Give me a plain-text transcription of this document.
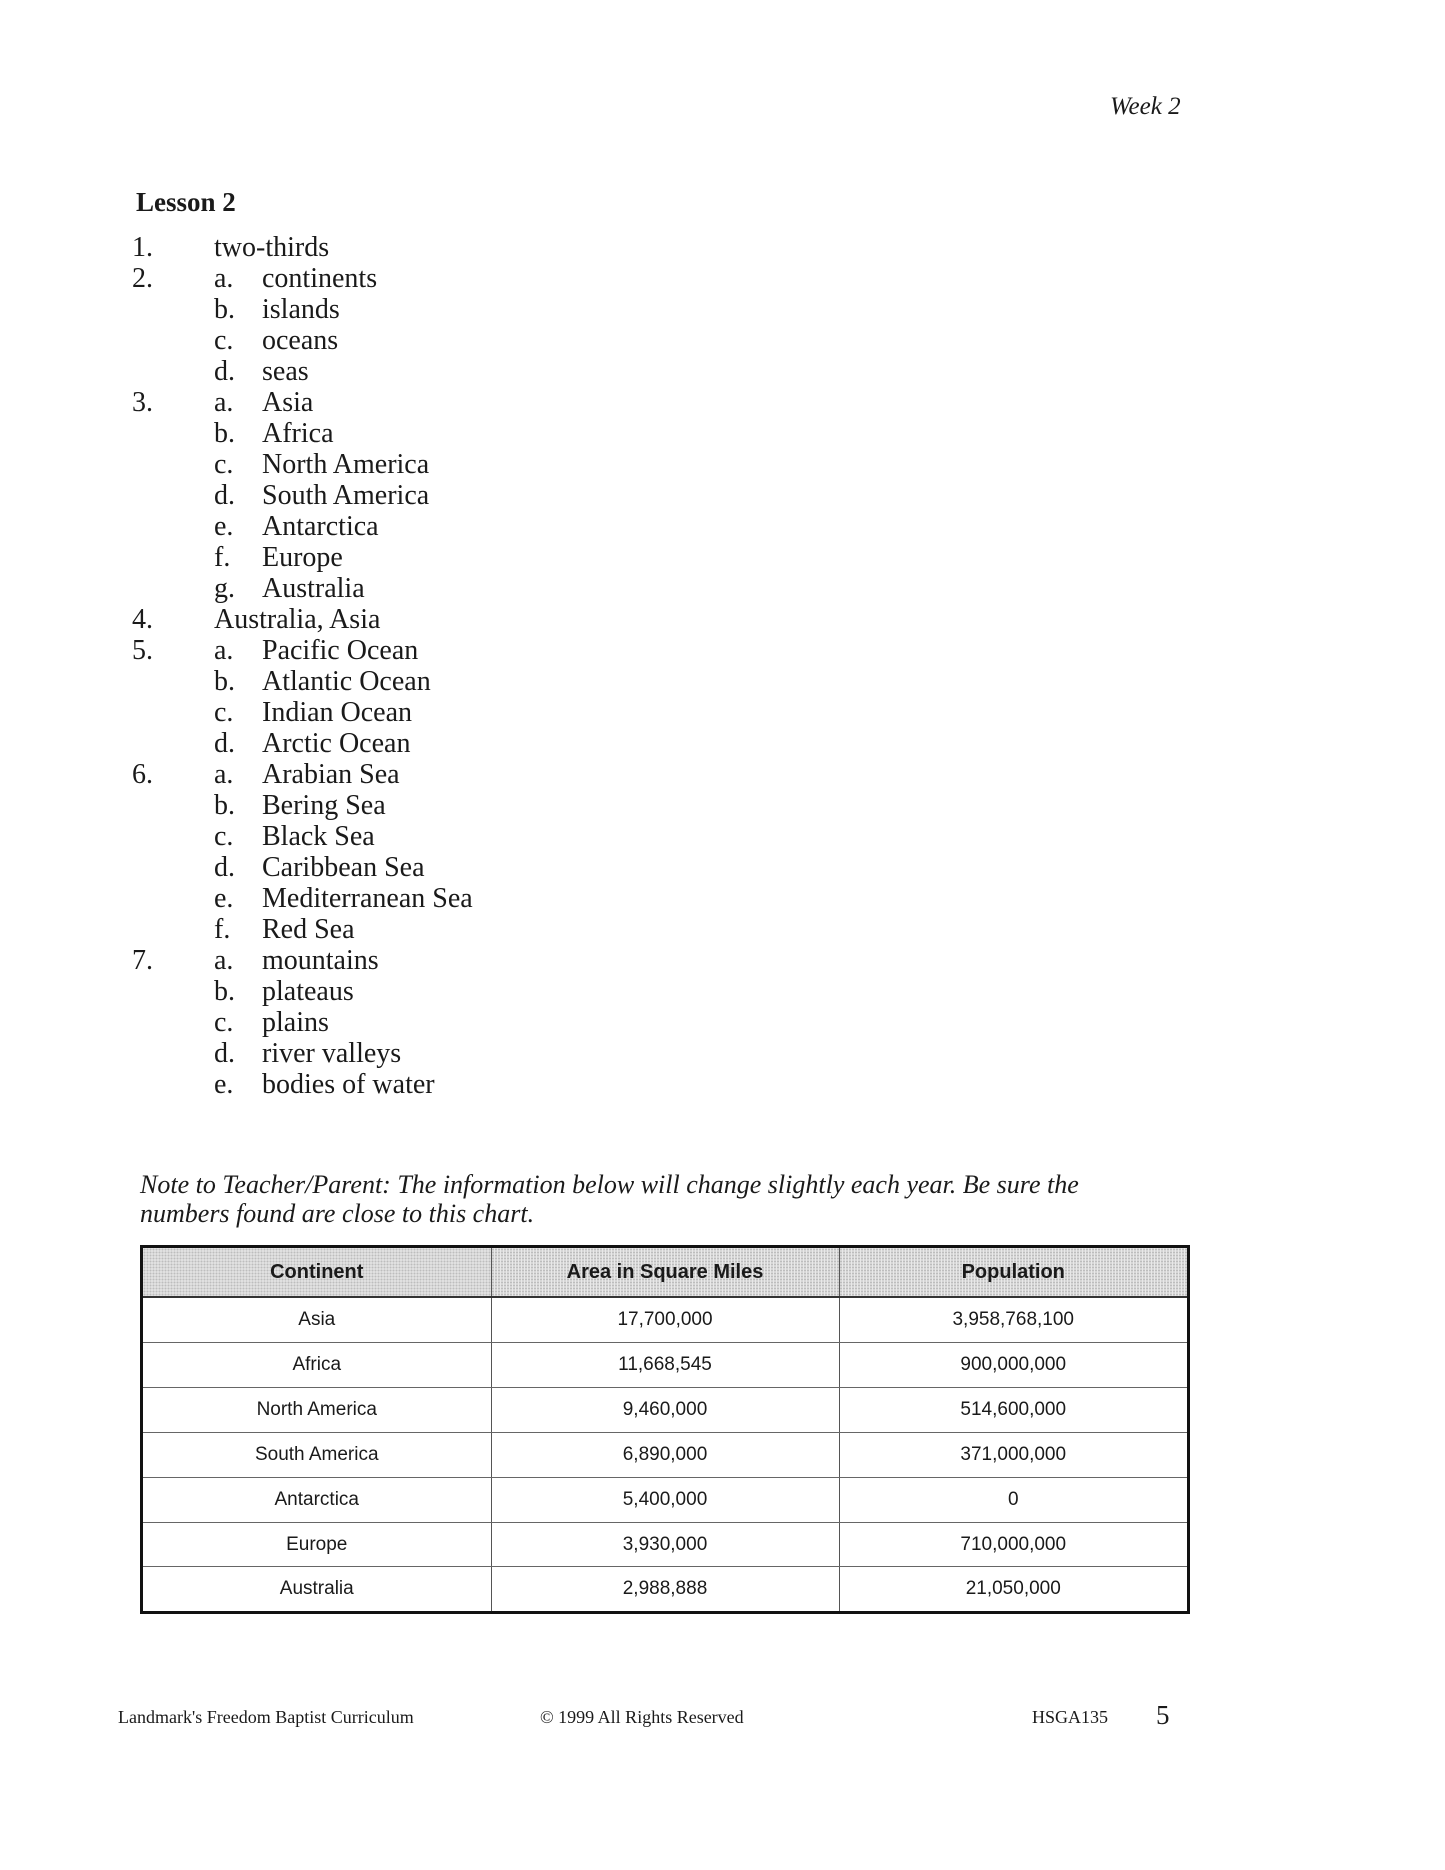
Week 2
Lesson 2
1. two-thirds
2. a. continents
b. islands
c. oceans
d. seas
3. a. Asia
b. Africa
c. North America
d. South America
e. Antarctica
f. Europe
g. Australia
4. Australia, Asia
5. a. Pacific Ocean
b. Atlantic Ocean
c. Indian Ocean
d. Arctic Ocean
6. a. Arabian Sea
b. Bering Sea
c. Black Sea
d. Caribbean Sea
e. Mediterranean Sea
f. Red Sea
7. a. mountains
b. plateaus
c. plains
d. river valleys
e. bodies of water
Note to Teacher/Parent: The information below will change slightly each year. Be sure the numbers found are close to this chart.
Continent	Area in Square Miles	Population
Asia	17,700,000	3,958,768,100
Africa	11,668,545	900,000,000
North America	9,460,000	514,600,000
South America	6,890,000	371,000,000
Antarctica	5,400,000	0
Europe	3,930,000	710,000,000
Australia	2,988,888	21,050,000
Landmark's Freedom Baptist Curriculum	© 1999 All Rights Reserved	HSGA135 5
